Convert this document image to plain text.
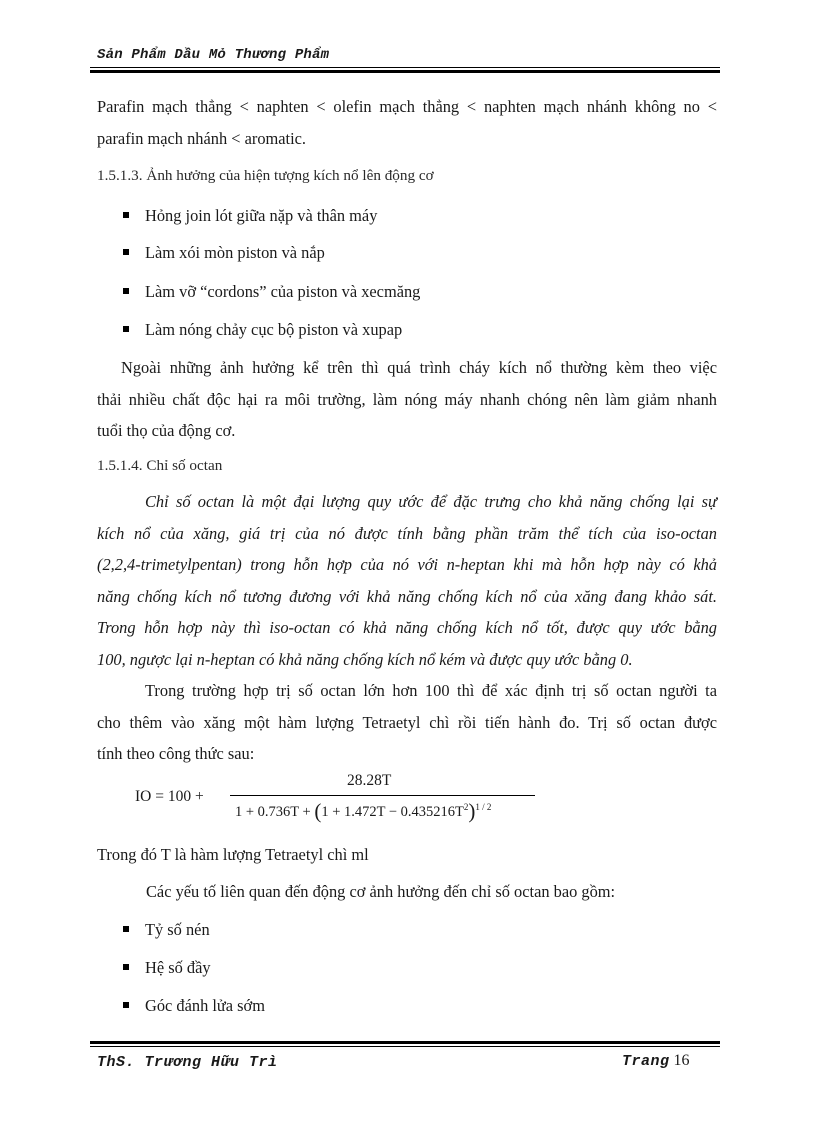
Sản Phẩm Dầu Mỏ Thương Phẩm
Parafin mạch thẳng < naphten < olefin mạch thẳng < naphten mạch nhánh không no <
parafin mạch nhánh < aromatic.
1.5.1.3. Ảnh hưởng của hiện tượng kích nổ lên động cơ
Hỏng join lót giữa nặp và thân máy
Làm xói mòn piston và nắp
Làm vỡ “cordons” của piston và xecmăng
Làm nóng chảy cục bộ piston và xupap
Ngoài những ảnh hưởng kể trên thì quá trình cháy kích nổ thường kèm theo việc
thải nhiều chất độc hại ra môi trường, làm nóng máy nhanh chóng nên làm giảm nhanh
tuổi thọ của động cơ.
1.5.1.4. Chỉ số octan
Chỉ số octan là một đại lượng quy ước để đặc trưng cho khả năng chống lại sự
kích nổ của xăng, giá trị của nó được tính bằng phần trăm thể tích của iso-octan
(2,2,4-trimetylpentan) trong hỗn hợp của nó với n-heptan khi mà hỗn hợp này có khả
năng chống kích nổ tương đương với khả năng chống kích nổ của xăng đang khảo sát.
Trong hỗn hợp này thì iso-octan có khả năng chống kích nổ tốt, được quy ước bằng
100, ngược lại n-heptan có khả năng chống kích nổ kém và được quy ước bằng 0.
Trong trường hợp trị số octan lớn hơn 100 thì để xác định trị số octan người ta
cho thêm vào xăng một hàm lượng Tetraetyl chì rồi tiến hành đo. Trị số octan được
tính theo công thức sau:
IO = 100 +
28.28T
$1 + 0.736T + (1 + 1.472T - 0.435216T^2)^{1 / 2}$
Trong đó T là hàm lượng Tetraetyl chì ml
Các yếu tố liên quan đến động cơ ảnh hưởng đến chỉ số octan bao gồm:
Tỷ số nén
Hệ số đầy
Góc đánh lửa sớm
ThS. Trương Hữu Trì	Trang 16
